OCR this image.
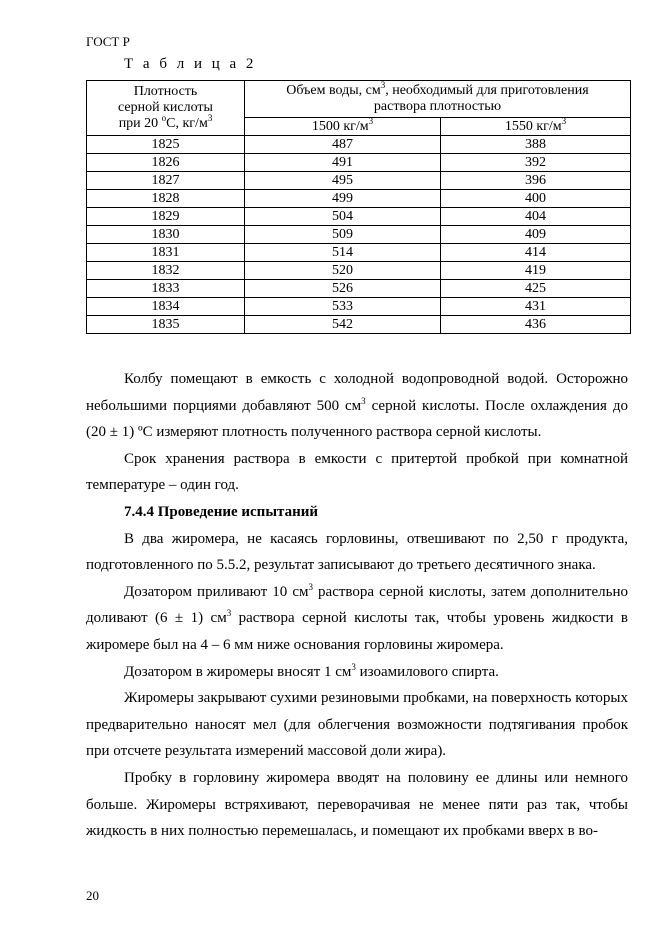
ГОСТ Р
Т а б л и ц а 2
Плотность
серной кислоты
при 20 $^о$С, $кг/м^3$	Объем воды, $см^3$, необходимый для приготовления
раствора плотностью	
	1500 $кг/м^3$	1550 $кг/м^3$
1825	487	388
1826	491	392
1827	495	396
1828	499	400
1829	504	404
1830	509	409
1831	514	414
1832	520	419
1833	526	425
1834	533	431
1835	542	436

Колбу помещают в емкость с холодной водопроводной водой. Осторожно небольшими порциями добавляют 500 $см^3$ серной кислоты. После охлаждения до (20 ± 1) ºС измеряют плотность полученного раствора серной кислоты.

Срок хранения раствора в емкости с притертой пробкой при комнатной температуре – один год.

7.4.4 Проведение испытаний

В два жиромера, не касаясь горловины, отвешивают по 2,50 г продукта, подготовленного по 5.5.2, результат записывают до третьего десятичного знака.

Дозатором приливают 10 $см^3$ раствора серной кислоты, затем дополнительно доливают (6 ± 1) $см^3$ раствора серной кислоты так, чтобы уровень жидкости в жиромере был на 4 – 6 мм ниже основания горловины жиромера.

Дозатором в жиромеры вносят 1 $см^3$ изоамилового спирта.

Жиромеры закрывают сухими резиновыми пробками, на поверхность которых предварительно наносят мел (для облегчения возможности подтягивания пробок при отсчете результата измерений массовой доли жира).

Пробку в горловину жиромера вводят на половину ее длины или немного больше. Жиромеры встряхивают, переворачивая не менее пяти раз так, чтобы жидкость в них полностью перемешалась, и помещают их пробками вверх в во-

20
